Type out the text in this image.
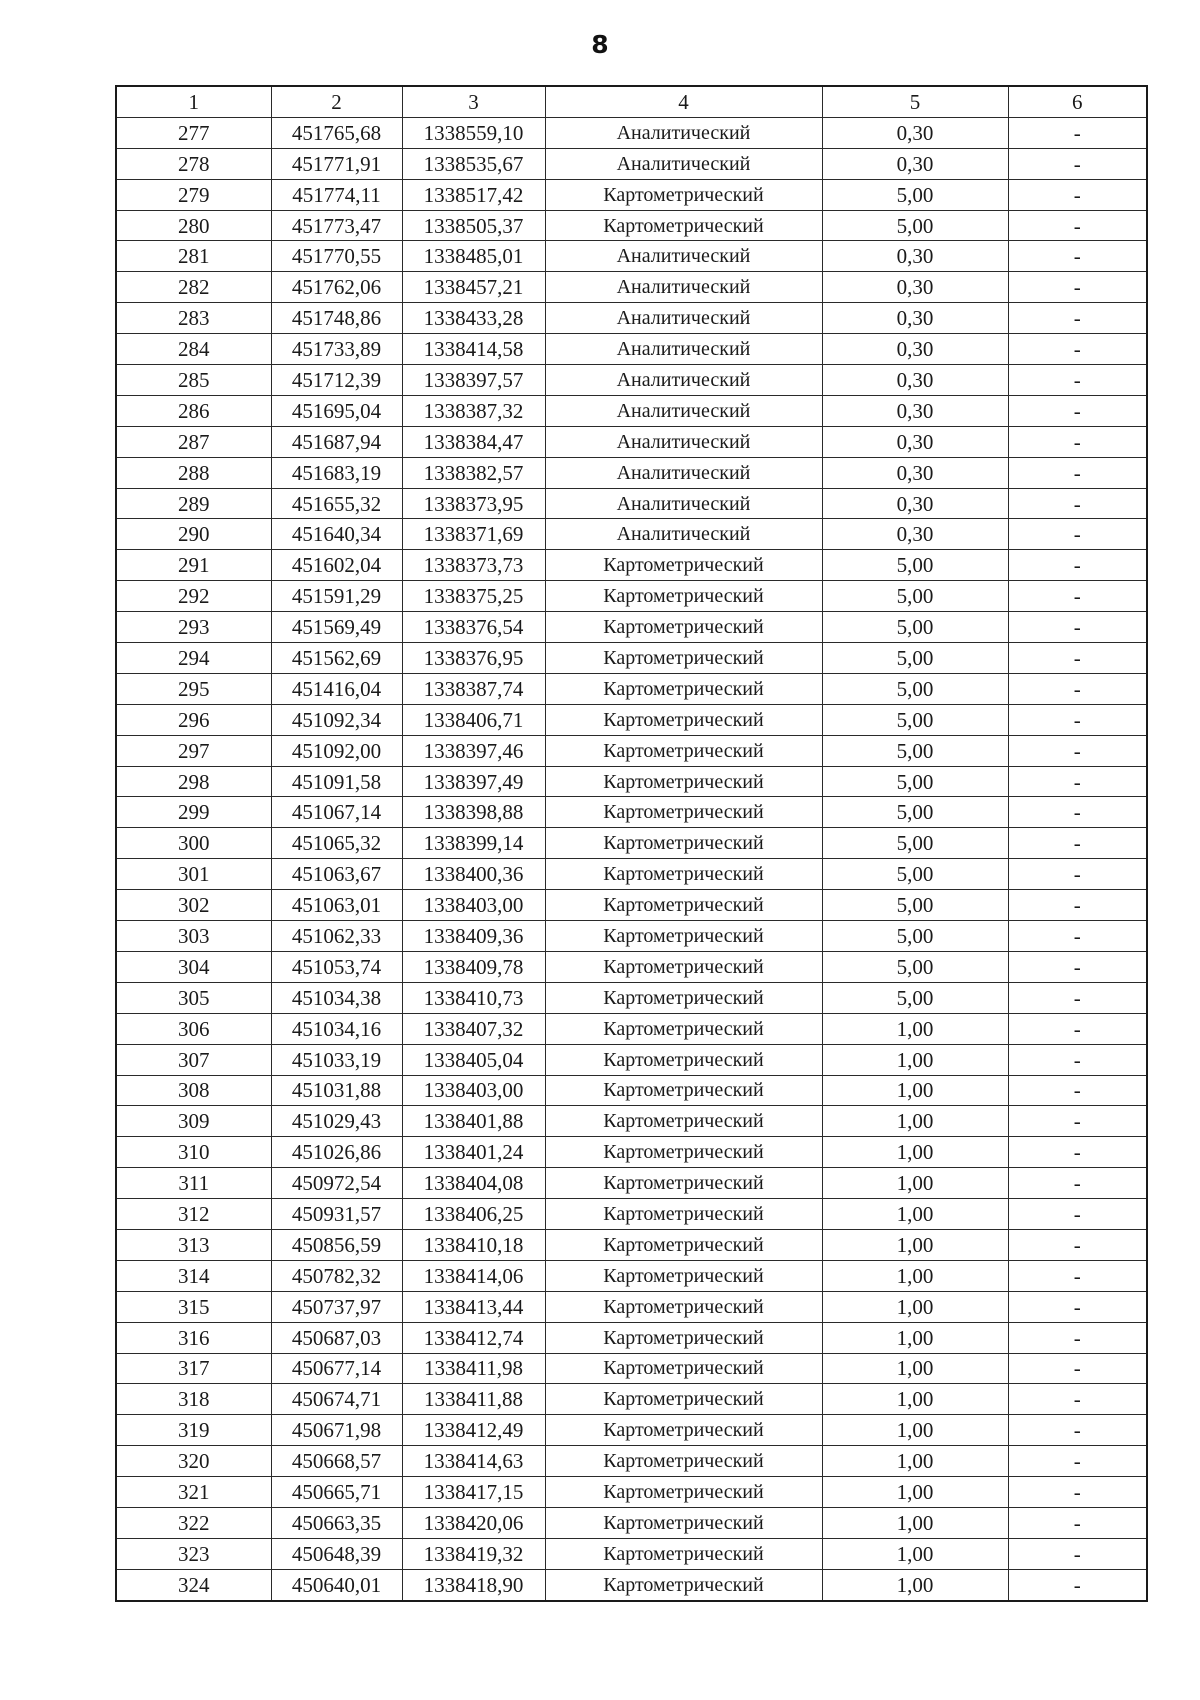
8
1	2	3	4	5	6
277	451765,68	1338559,10	Аналитический	0,30	-
278	451771,91	1338535,67	Аналитический	0,30	-
279	451774,11	1338517,42	Картометрический	5,00	-
280	451773,47	1338505,37	Картометрический	5,00	-
281	451770,55	1338485,01	Аналитический	0,30	-
282	451762,06	1338457,21	Аналитический	0,30	-
283	451748,86	1338433,28	Аналитический	0,30	-
284	451733,89	1338414,58	Аналитический	0,30	-
285	451712,39	1338397,57	Аналитический	0,30	-
286	451695,04	1338387,32	Аналитический	0,30	-
287	451687,94	1338384,47	Аналитический	0,30	-
288	451683,19	1338382,57	Аналитический	0,30	-
289	451655,32	1338373,95	Аналитический	0,30	-
290	451640,34	1338371,69	Аналитический	0,30	-
291	451602,04	1338373,73	Картометрический	5,00	-
292	451591,29	1338375,25	Картометрический	5,00	-
293	451569,49	1338376,54	Картометрический	5,00	-
294	451562,69	1338376,95	Картометрический	5,00	-
295	451416,04	1338387,74	Картометрический	5,00	-
296	451092,34	1338406,71	Картометрический	5,00	-
297	451092,00	1338397,46	Картометрический	5,00	-
298	451091,58	1338397,49	Картометрический	5,00	-
299	451067,14	1338398,88	Картометрический	5,00	-
300	451065,32	1338399,14	Картометрический	5,00	-
301	451063,67	1338400,36	Картометрический	5,00	-
302	451063,01	1338403,00	Картометрический	5,00	-
303	451062,33	1338409,36	Картометрический	5,00	-
304	451053,74	1338409,78	Картометрический	5,00	-
305	451034,38	1338410,73	Картометрический	5,00	-
306	451034,16	1338407,32	Картометрический	1,00	-
307	451033,19	1338405,04	Картометрический	1,00	-
308	451031,88	1338403,00	Картометрический	1,00	-
309	451029,43	1338401,88	Картометрический	1,00	-
310	451026,86	1338401,24	Картометрический	1,00	-
311	450972,54	1338404,08	Картометрический	1,00	-
312	450931,57	1338406,25	Картометрический	1,00	-
313	450856,59	1338410,18	Картометрический	1,00	-
314	450782,32	1338414,06	Картометрический	1,00	-
315	450737,97	1338413,44	Картометрический	1,00	-
316	450687,03	1338412,74	Картометрический	1,00	-
317	450677,14	1338411,98	Картометрический	1,00	-
318	450674,71	1338411,88	Картометрический	1,00	-
319	450671,98	1338412,49	Картометрический	1,00	-
320	450668,57	1338414,63	Картометрический	1,00	-
321	450665,71	1338417,15	Картометрический	1,00	-
322	450663,35	1338420,06	Картометрический	1,00	-
323	450648,39	1338419,32	Картометрический	1,00	-
324	450640,01	1338418,90	Картометрический	1,00	-
